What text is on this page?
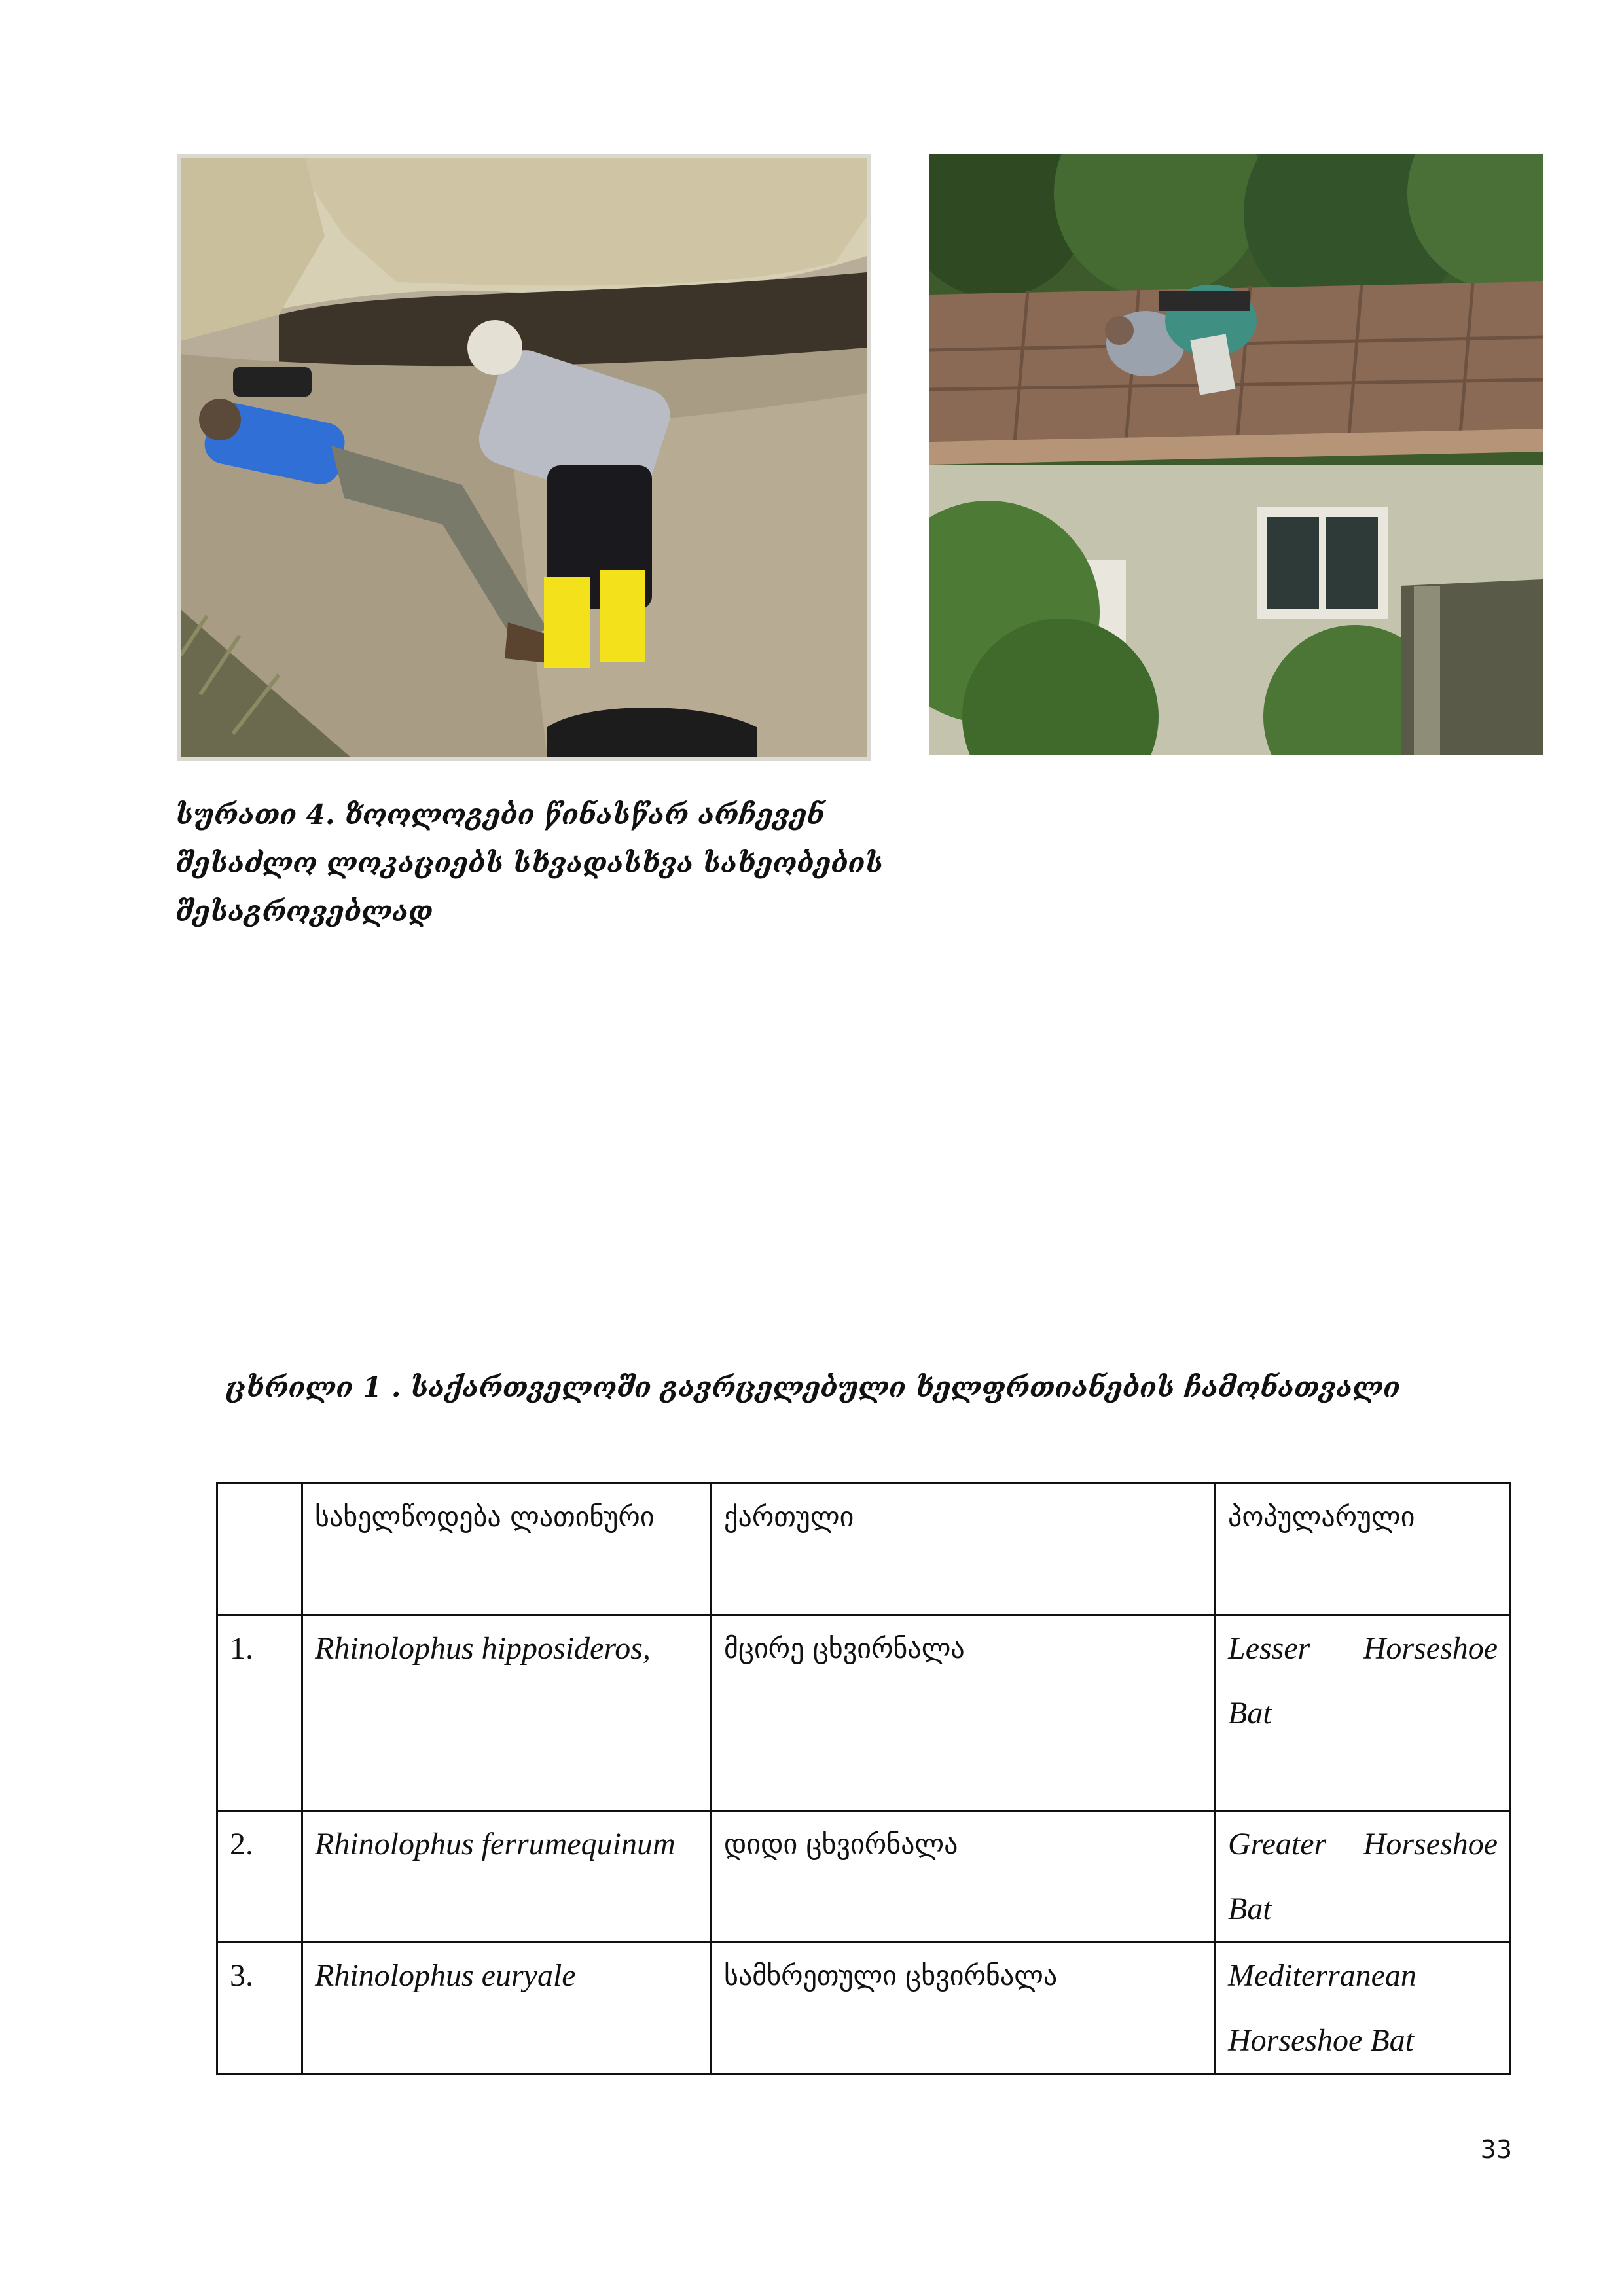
სურათი 4. ზოოლოგები წინასწარ არჩევენ
შესაძლო ლოკაციებს სხვადასხვა სახეობების
შესაგროვებლად
ცხრილი 1 . საქართველოში გავრცელებული ხელფრთიანების ჩამონათვალი
	სახელწოდება ლათინური	ქართული	პოპულარული
1.	Rhinolophus hipposideros,	მცირე ცხვირნალა	Lesser Horseshoe Bat
2.	Rhinolophus ferrumequinum	დიდი ცხვირნალა	Greater Horseshoe Bat
3.	Rhinolophus euryale	სამხრეთული ცხვირნალა	Mediterranean Horseshoe Bat
33
